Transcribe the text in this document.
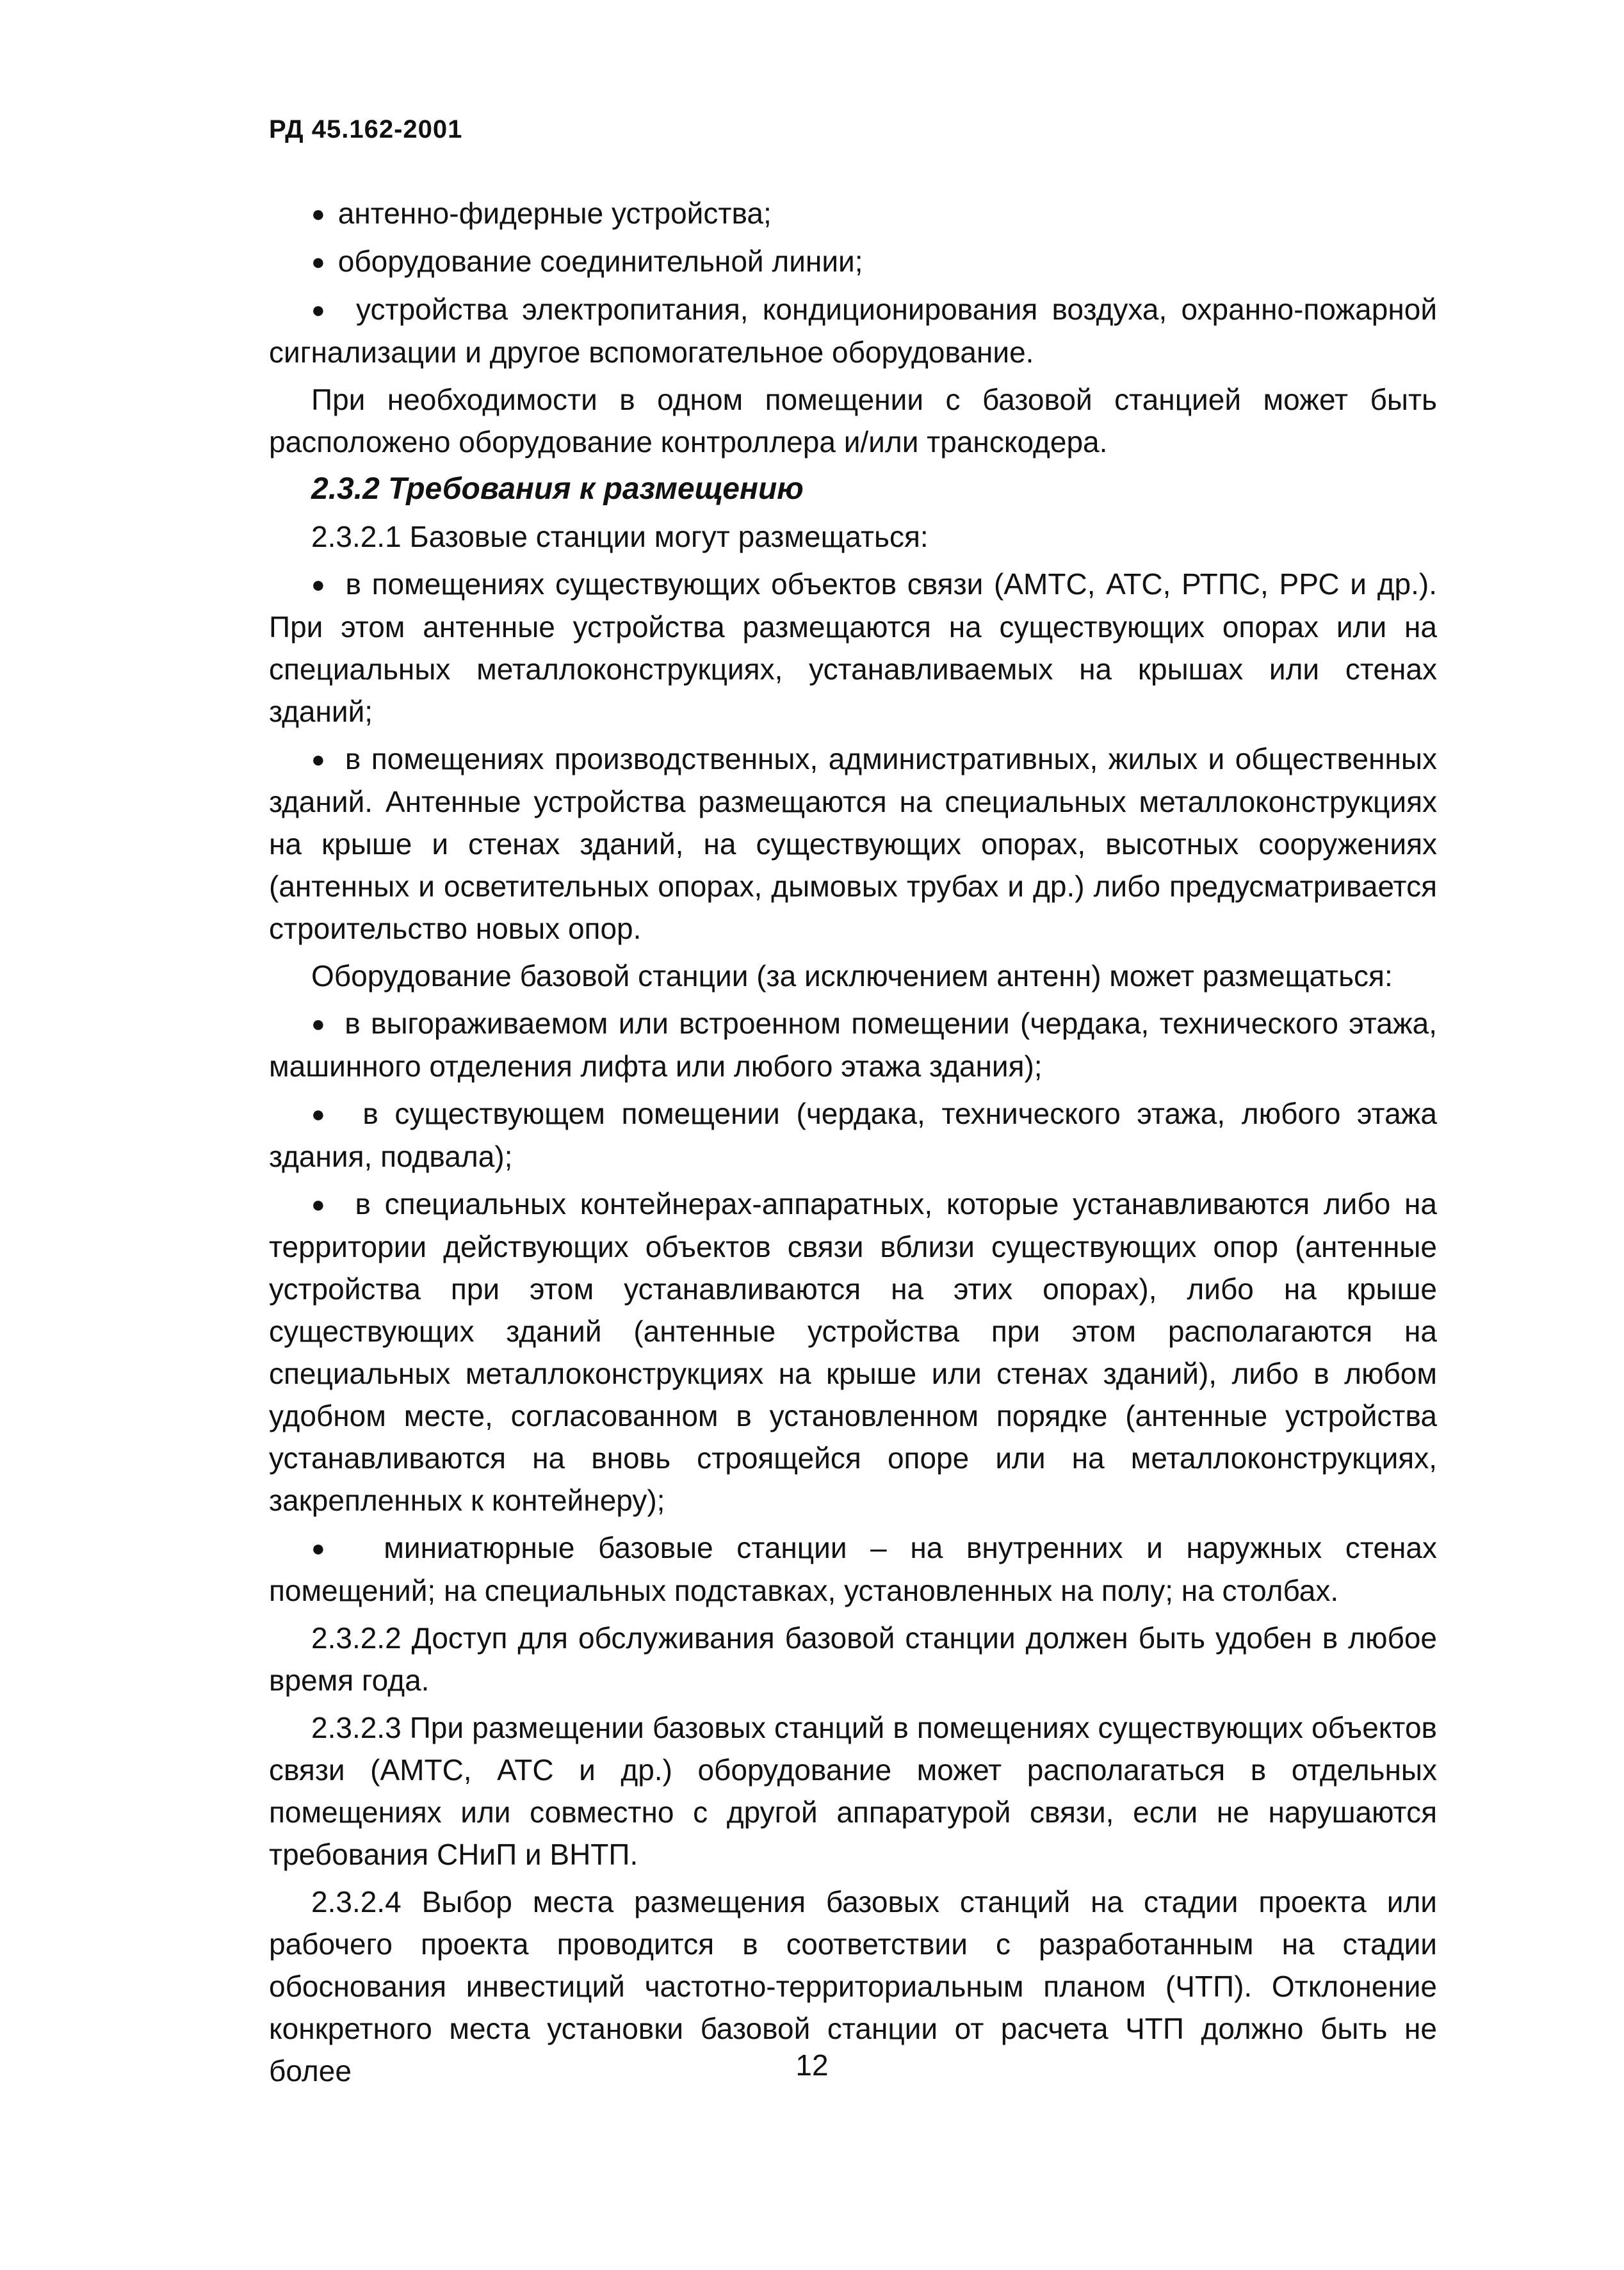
РД 45.162-2001

●  антенно-фидерные устройства;

●  оборудование соединительной линии;

●  устройства электропитания, кондиционирования воздуха, охранно-пожарной сигнализации и другое вспомогательное оборудование.

При необходимости в одном помещении с базовой станцией может быть расположено оборудование контроллера и/или транскодера.

2.3.2 Требования к размещению

2.3.2.1 Базовые станции могут размещаться:

●  в помещениях существующих объектов связи (АМТС, АТС, РТПС, РРС и др.). При этом антенные устройства размещаются на существующих опорах или на специальных металлоконструкциях, устанавливаемых на крышах или стенах зданий;

●  в помещениях производственных, административных, жилых и общественных зданий. Антенные устройства размещаются на специальных металлоконструкциях на крыше и стенах зданий, на существующих опорах, высотных сооружениях (антенных и осветительных опорах, дымовых трубах и др.) либо предусматривается строительство новых опор.

Оборудование базовой станции (за исключением антенн) может размещаться:

●  в выгораживаемом или встроенном помещении (чердака, технического этажа, машинного отделения лифта или любого этажа здания);

●  в существующем помещении (чердака, технического этажа, любого этажа здания, подвала);

●  в специальных контейнерах-аппаратных, которые устанавливаются либо на территории действующих объектов связи вблизи существующих опор (антенные устройства при этом устанавливаются на этих опорах), либо на крыше существующих зданий (антенные устройства при этом располагаются на специальных металлоконструкциях на крыше или стенах зданий), либо в любом удобном месте, согласованном в установленном порядке (антенные устройства устанавливаются на вновь строящейся опоре или на металлоконструкциях, закрепленных к контейнеру);

●  миниатюрные базовые станции – на внутренних и наружных стенах помещений; на специальных подставках, установленных на полу; на столбах.

2.3.2.2 Доступ для обслуживания базовой станции должен быть удобен в любое время года.

2.3.2.3 При размещении базовых станций в помещениях существующих объектов связи (АМТС, АТС и др.) оборудование может располагаться в отдельных помещениях или совместно с другой аппаратурой связи, если не нарушаются требования СНиП и ВНТП.

2.3.2.4 Выбор места размещения базовых станций на стадии проекта или рабочего проекта проводится в соответствии с разработанным на стадии обоснования инвестиций частотно-территориальным планом (ЧТП). Отклонение конкретного места установки базовой станции от расчета ЧТП должно быть не более	12
